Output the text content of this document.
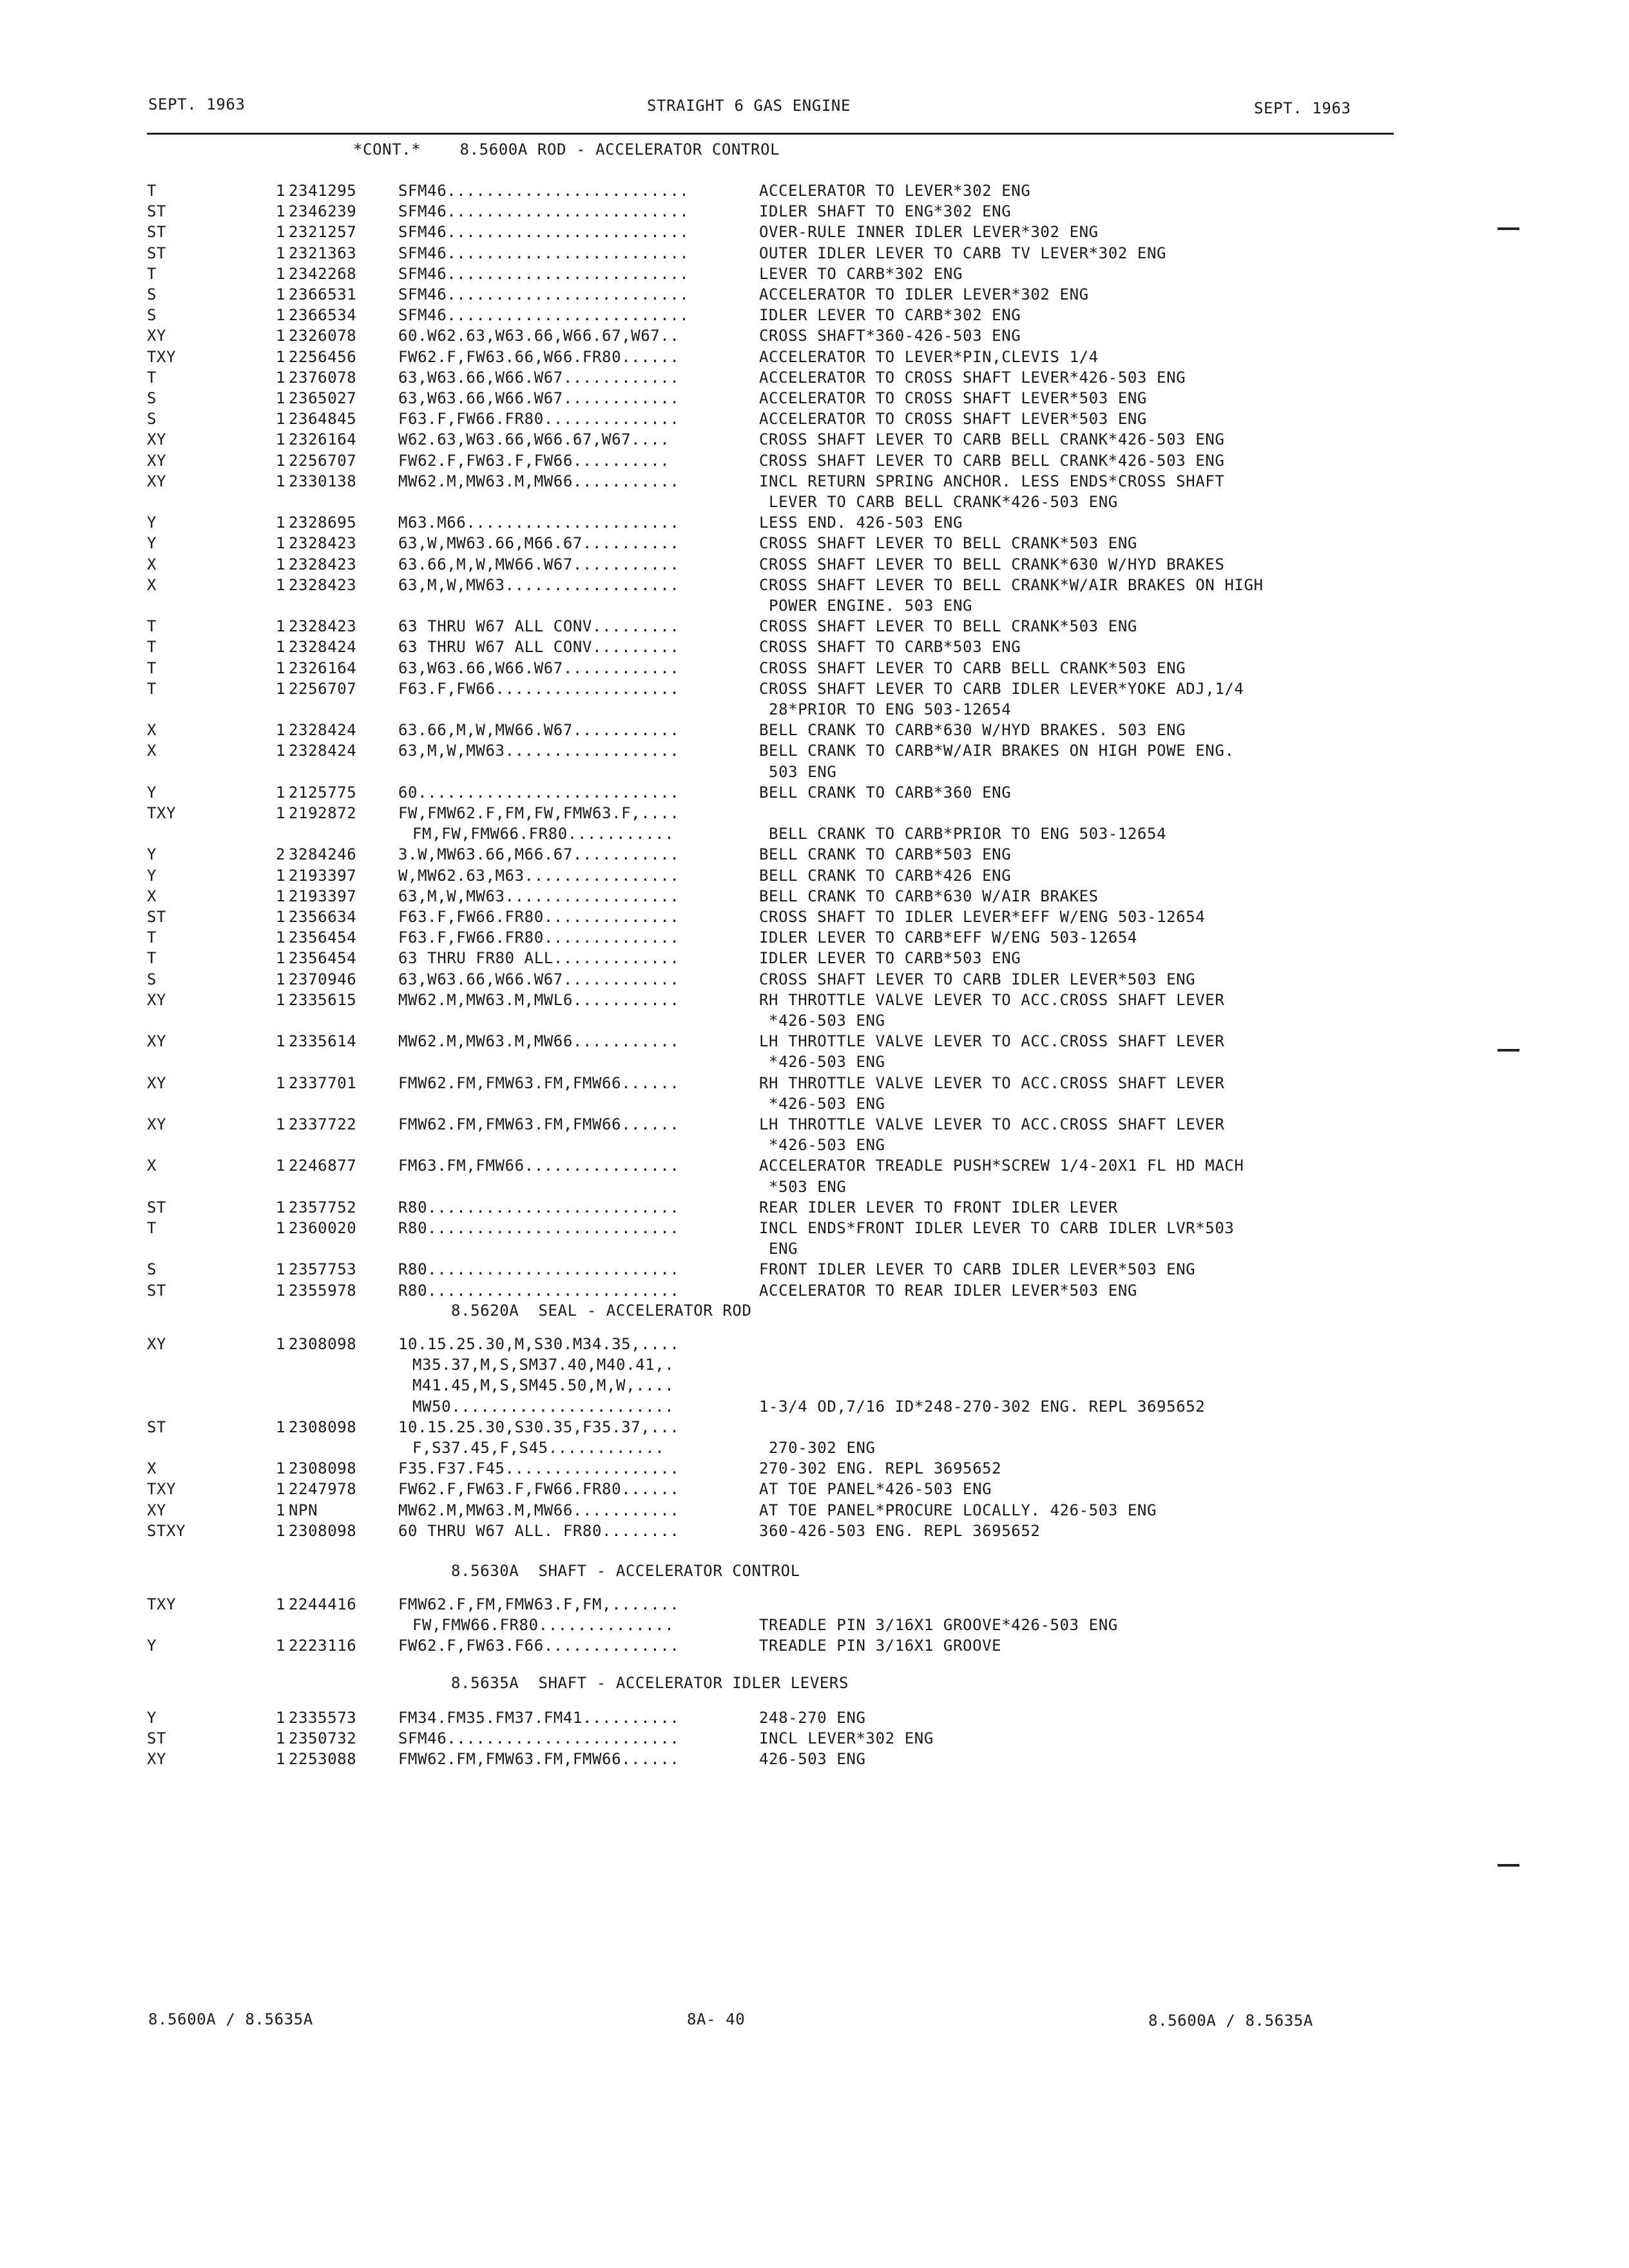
SEPT. 1963	STRAIGHT 6 GAS ENGINE	SEPT. 1963

*CONT.*    8.5600A ROD - ACCELERATOR CONTROL

T	1 2341295	SFM46.........................	ACCELERATOR TO LEVER*302 ENG

ST	1 2346239	SFM46.........................	IDLER SHAFT TO ENG*302 ENG

ST	1 2321257	SFM46.........................	OVER-RULE INNER IDLER LEVER*302 ENG

ST	1 2321363	SFM46.........................	OUTER IDLER LEVER TO CARB TV LEVER*302 ENG

T	1 2342268	SFM46.........................	LEVER TO CARB*302 ENG

S	1 2366531	SFM46.........................	ACCELERATOR TO IDLER LEVER*302 ENG

S	1 2366534	SFM46.........................	IDLER LEVER TO CARB*302 ENG

XY	1 2326078	60.W62.63,W63.66,W66.67,W67..	CROSS SHAFT*360-426-503 ENG

TXY	1 2256456	FW62.F,FW63.66,W66.FR80......	ACCELERATOR TO LEVER*PIN,CLEVIS 1/4

T	1 2376078	63,W63.66,W66.W67............	ACCELERATOR TO CROSS SHAFT LEVER*426-503 ENG

S	1 2365027	63,W63.66,W66.W67............	ACCELERATOR TO CROSS SHAFT LEVER*503 ENG

S	1 2364845	F63.F,FW66.FR80..............	ACCELERATOR TO CROSS SHAFT LEVER*503 ENG

XY	1 2326164	W62.63,W63.66,W66.67,W67....	CROSS SHAFT LEVER TO CARB BELL CRANK*426-503 ENG

XY	1 2256707	FW62.F,FW63.F,FW66..........	CROSS SHAFT LEVER TO CARB BELL CRANK*426-503 ENG

XY	1 2330138	MW62.M,MW63.M,MW66...........	INCL RETURN SPRING ANCHOR. LESS ENDS*CROSS SHAFT

LEVER TO CARB BELL CRANK*426-503 ENG

Y	1 2328695	M63.M66......................	LESS END. 426-503 ENG

Y	1 2328423	63,W,MW63.66,M66.67..........	CROSS SHAFT LEVER TO BELL CRANK*503 ENG

X	1 2328423	63.66,M,W,MW66.W67...........	CROSS SHAFT LEVER TO BELL CRANK*630 W/HYD BRAKES

X	1 2328423	63,M,W,MW63..................	CROSS SHAFT LEVER TO BELL CRANK*W/AIR BRAKES ON HIGH

POWER ENGINE. 503 ENG

T	1 2328423	63 THRU W67 ALL CONV.........	CROSS SHAFT LEVER TO BELL CRANK*503 ENG

T	1 2328424	63 THRU W67 ALL CONV.........	CROSS SHAFT TO CARB*503 ENG

T	1 2326164	63,W63.66,W66.W67............	CROSS SHAFT LEVER TO CARB BELL CRANK*503 ENG

T	1 2256707	F63.F,FW66...................	CROSS SHAFT LEVER TO CARB IDLER LEVER*YOKE ADJ,1/4

28*PRIOR TO ENG 503-12654

X	1 2328424	63.66,M,W,MW66.W67...........	BELL CRANK TO CARB*630 W/HYD BRAKES. 503 ENG

X	1 2328424	63,M,W,MW63..................	BELL CRANK TO CARB*W/AIR BRAKES ON HIGH POWE ENG.

503 ENG

Y	1 2125775	60...........................	BELL CRANK TO CARB*360 ENG

TXY	1 2192872	FW,FMW62.F,FM,FW,FMW63.F,....

FM,FW,FMW66.FR80...........	BELL CRANK TO CARB*PRIOR TO ENG 503-12654

Y	2 3284246	3.W,MW63.66,M66.67...........	BELL CRANK TO CARB*503 ENG

Y	1 2193397	W,MW62.63,M63................	BELL CRANK TO CARB*426 ENG

X	1 2193397	63,M,W,MW63..................	BELL CRANK TO CARB*630 W/AIR BRAKES

ST	1 2356634	F63.F,FW66.FR80..............	CROSS SHAFT TO IDLER LEVER*EFF W/ENG 503-12654

T	1 2356454	F63.F,FW66.FR80..............	IDLER LEVER TO CARB*EFF W/ENG 503-12654

T	1 2356454	63 THRU FR80 ALL.............	IDLER LEVER TO CARB*503 ENG

S	1 2370946	63,W63.66,W66.W67............	CROSS SHAFT LEVER TO CARB IDLER LEVER*503 ENG

XY	1 2335615	MW62.M,MW63.M,MWL6...........	RH THROTTLE VALVE LEVER TO ACC.CROSS SHAFT LEVER

*426-503 ENG

XY	1 2335614	MW62.M,MW63.M,MW66...........	LH THROTTLE VALVE LEVER TO ACC.CROSS SHAFT LEVER

*426-503 ENG

XY	1 2337701	FMW62.FM,FMW63.FM,FMW66......	RH THROTTLE VALVE LEVER TO ACC.CROSS SHAFT LEVER

*426-503 ENG

XY	1 2337722	FMW62.FM,FMW63.FM,FMW66......	LH THROTTLE VALVE LEVER TO ACC.CROSS SHAFT LEVER

*426-503 ENG

X	1 2246877	FM63.FM,FMW66................	ACCELERATOR TREADLE PUSH*SCREW 1/4-20X1 FL HD MACH

*503 ENG

ST	1 2357752	R80..........................	REAR IDLER LEVER TO FRONT IDLER LEVER

T	1 2360020	R80..........................	INCL ENDS*FRONT IDLER LEVER TO CARB IDLER LVR*503

ENG

S	1 2357753	R80..........................	FRONT IDLER LEVER TO CARB IDLER LEVER*503 ENG

ST	1 2355978	R80..........................	ACCELERATOR TO REAR IDLER LEVER*503 ENG

8.5620A  SEAL - ACCELERATOR ROD

XY	1 2308098	10.15.25.30,M,S30.M34.35,....

M35.37,M,S,SM37.40,M40.41,.

M41.45,M,S,SM45.50,M,W,....

MW50.......................	1-3/4 OD,7/16 ID*248-270-302 ENG. REPL 3695652

ST	1 2308098	10.15.25.30,S30.35,F35.37,...

F,S37.45,F,S45............	270-302 ENG

X	1 2308098	F35.F37.F45..................	270-302 ENG. REPL 3695652

TXY	1 2247978	FW62.F,FW63.F,FW66.FR80......	AT TOE PANEL*426-503 ENG

XY	1 NPN	MW62.M,MW63.M,MW66...........	AT TOE PANEL*PROCURE LOCALLY. 426-503 ENG

STXY	1 2308098	60 THRU W67 ALL. FR80........	360-426-503 ENG. REPL 3695652

8.5630A  SHAFT - ACCELERATOR CONTROL

TXY	1 2244416	FMW62.F,FM,FMW63.F,FM,.......

FW,FMW66.FR80..............	TREADLE PIN 3/16X1 GROOVE*426-503 ENG

Y	1 2223116	FW62.F,FW63.F66..............	TREADLE PIN 3/16X1 GROOVE

8.5635A  SHAFT - ACCELERATOR IDLER LEVERS

Y	1 2335573	FM34.FM35.FM37.FM41..........	248-270 ENG

ST	1 2350732	SFM46........................	INCL LEVER*302 ENG

XY	1 2253088	FMW62.FM,FMW63.FM,FMW66......	426-503 ENG

8.5600A / 8.5635A	8A- 40	8.5600A / 8.5635A
